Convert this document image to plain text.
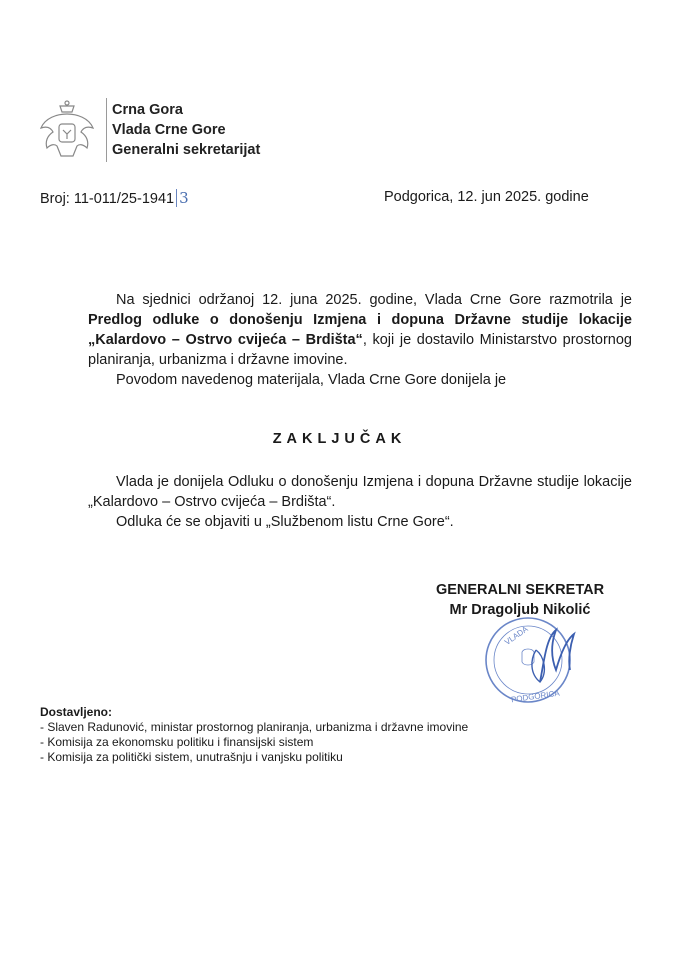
Crna Gora
Vlada Crne Gore
Generalni sekretarijat
Broj: 11-011/25-1941 3	Podgorica, 12. jun 2025. godine
Na sjednici održanoj 12. juna 2025. godine, Vlada Crne Gore razmotrila je Predlog odluke o donošenju Izmjena i dopuna Državne studije lokacije „Kalardovo – Ostrvo cvijeća – Brdišta“, koji je dostavilo Ministarstvo prostornog planiranja, urbanizma i državne imovine.
Povodom navedenog materijala, Vlada Crne Gore donijela je
ZAKLJUČAK
Vlada je donijela Odluku o donošenju Izmjena i dopuna Državne studije lokacije „Kalardovo – Ostrvo cvijeća – Brdišta“.
Odluka će se objaviti u „Službenom listu Crne Gore“.
GENERALNI SEKRETAR
Mr Dragoljub Nikolić
PODGORICA
VLADA
Dostavljeno:
- Slaven Radunović, ministar prostornog planiranja, urbanizma i državne imovine
- Komisija za ekonomsku politiku i finansijski sistem
- Komisija za politički sistem, unutrašnju i vanjsku politiku
